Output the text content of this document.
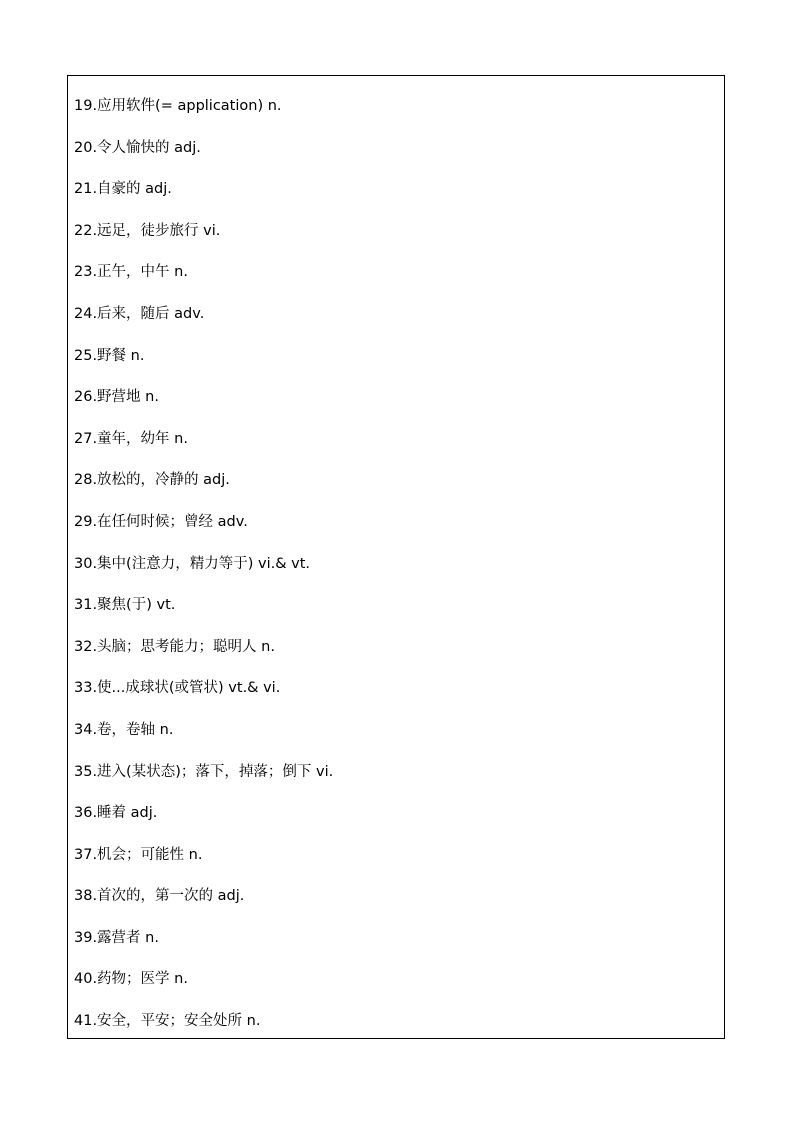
19.应用软件(= application) n.
20.令人愉快的 adj.
21.自豪的 adj.
22.远足，徒步旅行 vi.
23.正午，中午 n.
24.后来，随后 adv.
25.野餐 n.
26.野营地 n.
27.童年，幼年 n.
28.放松的，冷静的 adj.
29.在任何时候；曾经 adv.
30.集中(注意力，精力等于) vi.& vt.
31.聚焦(于) vt.
32.头脑；思考能力；聪明人 n.
33.使...成球状(或管状) vt.& vi.
34.卷，卷轴 n.
35.进入(某状态)；落下，掉落；倒下 vi.
36.睡着 adj.
37.机会；可能性 n.
38.首次的，第一次的 adj.
39.露营者 n.
40.药物；医学 n.
41.安全，平安；安全处所 n.
